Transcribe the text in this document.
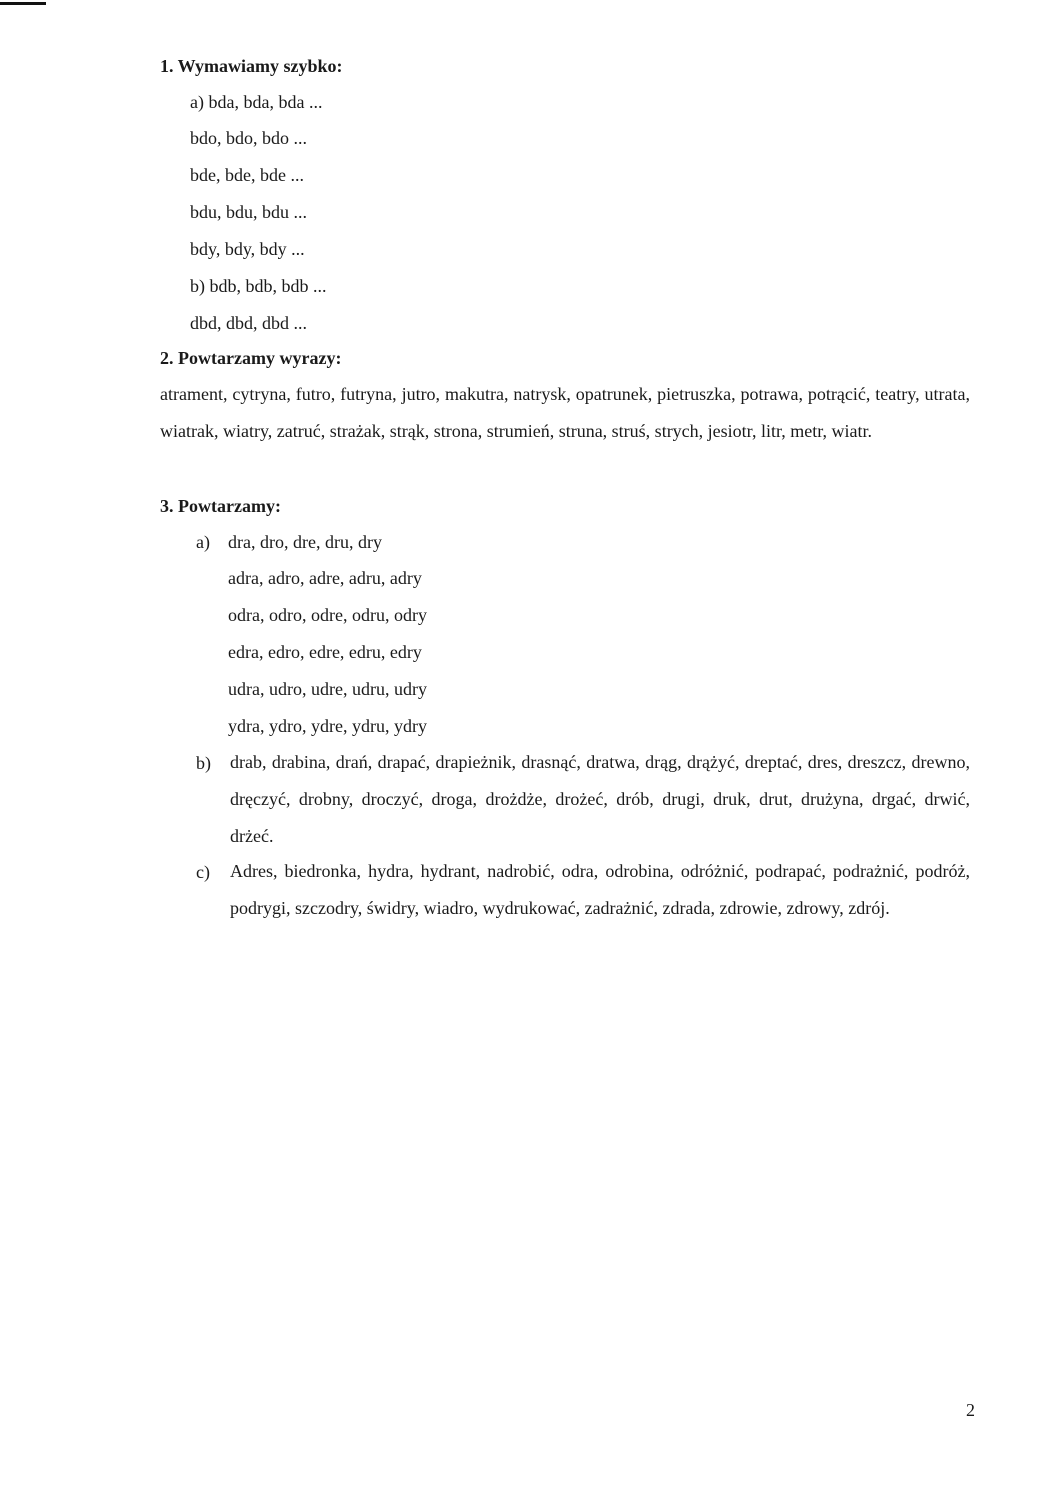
1. Wymawiamy szybko:
a) bda, bda, bda ...
bdo, bdo, bdo ...
bde, bde, bde ...
bdu, bdu, bdu ...
bdy, bdy, bdy ...
b) bdb, bdb, bdb ...
dbd, dbd, dbd ...
2. Powtarzamy wyrazy:
atrament, cytryna, futro, futryna, jutro, makutra, natrysk, opatrunek, pietruszka, potrawa, potrącić, teatry, utrata, wiatrak, wiatry, zatruć, strażak, strąk, strona, strumień, struna, struś, strych, jesiotr, litr, metr, wiatr.
3. Powtarzamy:
a) dra, dro, dre, dru, dry
adra, adro, adre, adru, adry
odra, odro, odre, odru, odry
edra, edro, edre, edru, edry
udra, udro, udre, udru, udry
ydra, ydro, ydre, ydru, ydry
b) drab, drabina, drań, drapać, drapieżnik, drasnąć, dratwa, drąg, drążyć, dreptać, dres, dreszcz, drewno, dręczyć, drobny, droczyć, droga, drożdże, drożeć, drób, drugi, druk, drut, drużyna, drgać, drwić, drżeć.
c) Adres, biedronka, hydra, hydrant, nadrobić, odra, odrobina, odróżnić, podrapać, podrażnić, podróż, podrygi, szczodry, świdry, wiadro, wydrukować, zadrażnić, zdrada, zdrowie, zdrowy, zdrój.
2
